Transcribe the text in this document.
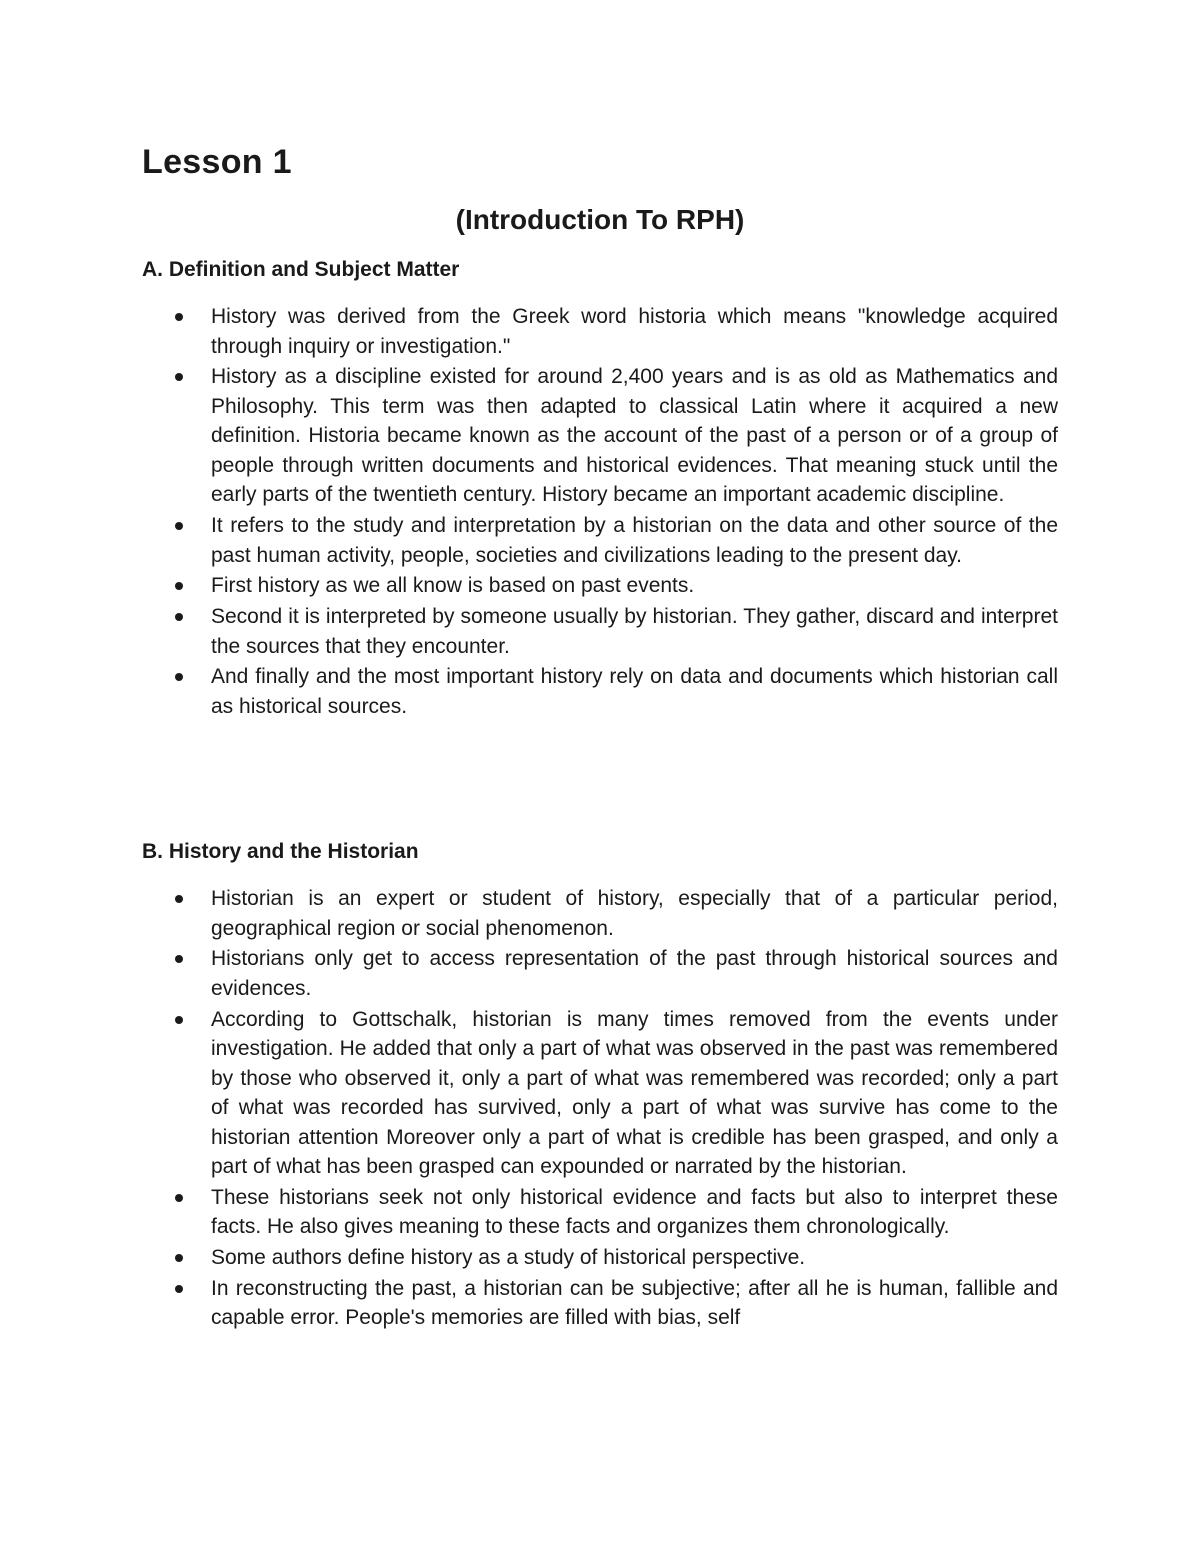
Lesson 1
(Introduction To RPH)
A. Definition and Subject Matter
History was derived from the Greek word historia which means "knowledge acquired through inquiry or investigation."
History as a discipline existed for around 2,400 years and is as old as Mathematics and Philosophy. This term was then adapted to classical Latin where it acquired a new definition. Historia became known as the account of the past of a person or of a group of people through written documents and historical evidences. That meaning stuck until the early parts of the twentieth century. History became an important academic discipline.
It refers to the study and interpretation by a historian on the data and other source of the past human activity, people, societies and civilizations leading to the present day.
First history as we all know is based on past events.
Second it is interpreted by someone usually by historian. They gather, discard and interpret the sources that they encounter.
And finally and the most important history rely on data and documents which historian call as historical sources.
B. History and the Historian
Historian is an expert or student of history, especially that of a particular period, geographical region or social phenomenon.
Historians only get to access representation of the past through historical sources and evidences.
According to Gottschalk, historian is many times removed from the events under investigation. He added that only a part of what was observed in the past was remembered by those who observed it, only a part of what was remembered was recorded; only a part of what was recorded has survived, only a part of what was survive has come to the historian attention Moreover only a part of what is credible has been grasped, and only a part of what has been grasped can expounded or narrated by the historian.
These historians seek not only historical evidence and facts but also to interpret these facts. He also gives meaning to these facts and organizes them chronologically.
Some authors define history as a study of historical perspective.
In reconstructing the past, a historian can be subjective; after all he is human, fallible and capable error. People's memories are filled with bias, self
